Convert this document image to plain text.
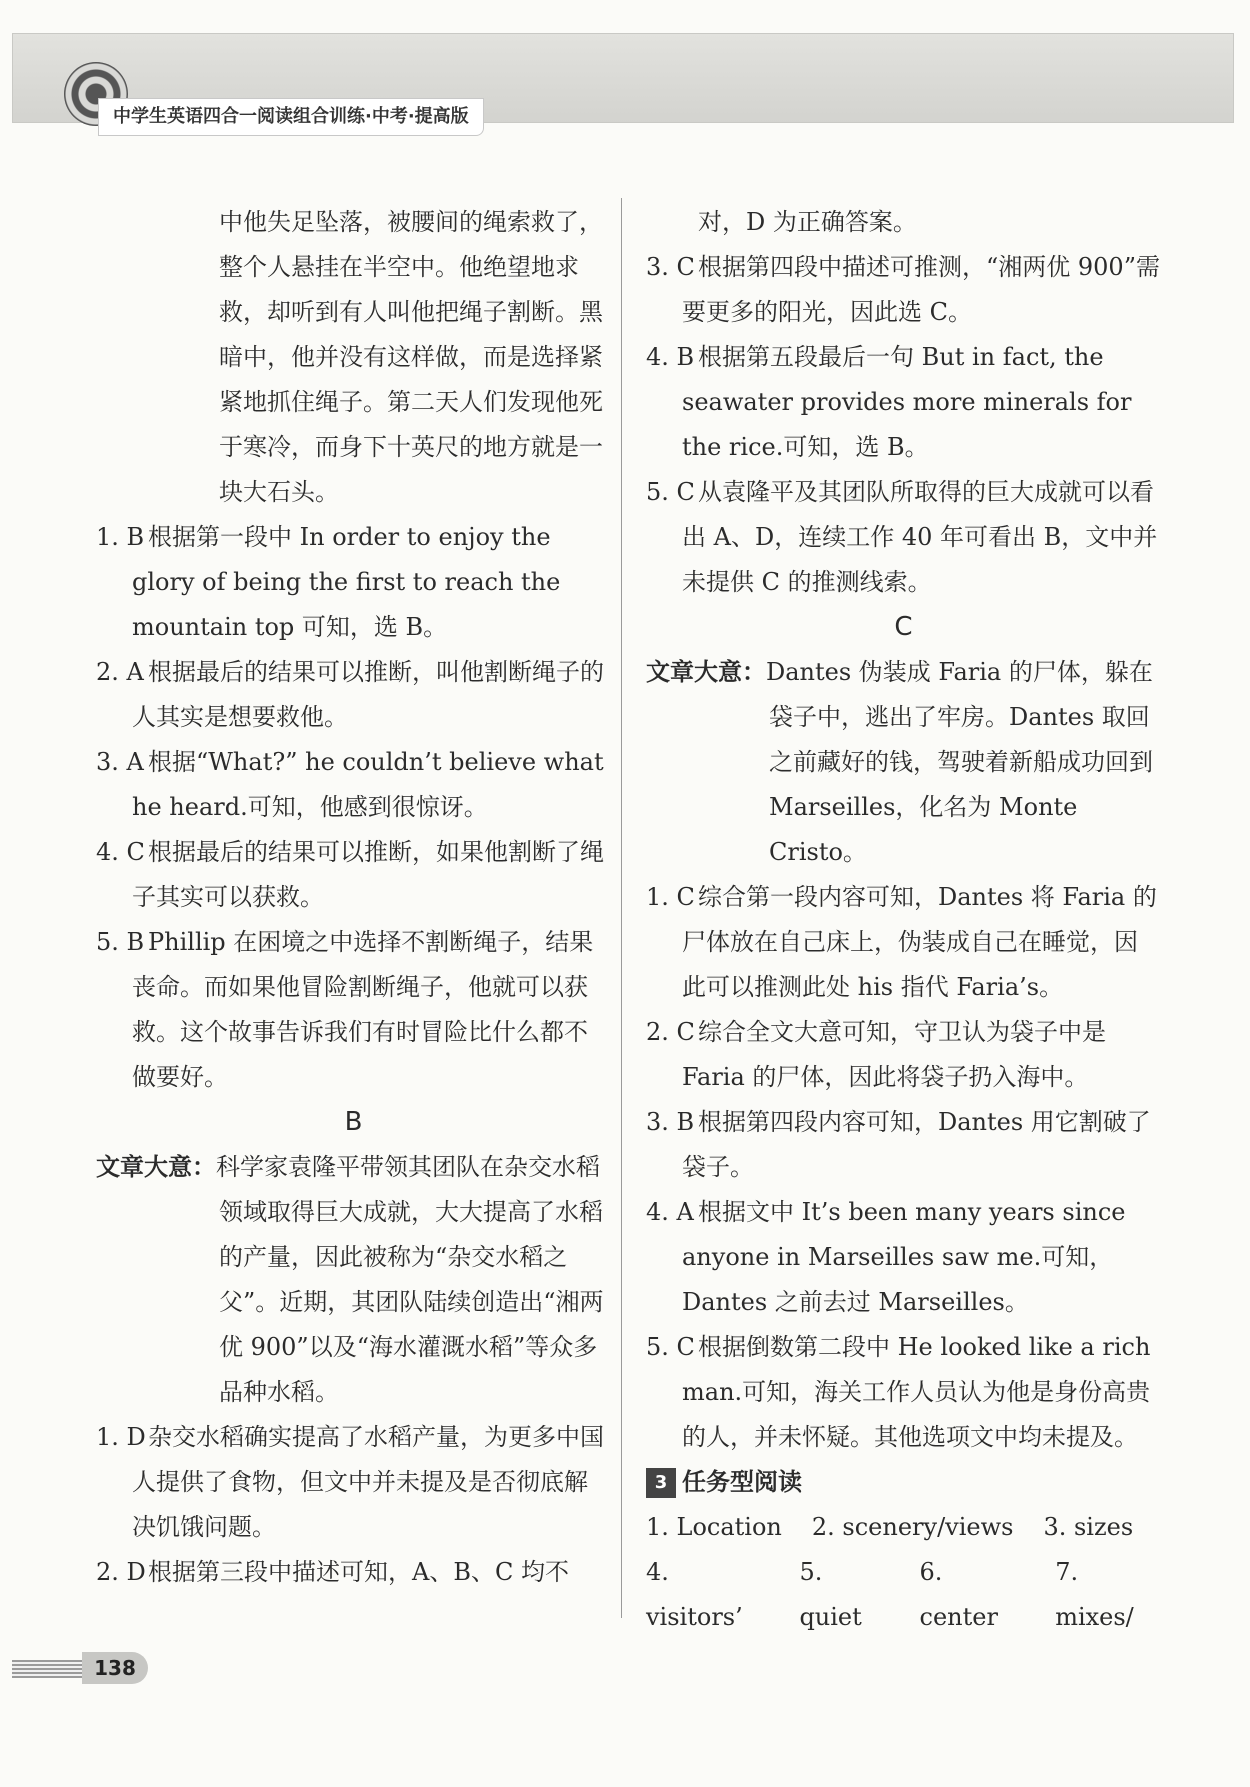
中学生英语四合一阅读组合训练·中考·提高版

中他失足坠落，被腰间的绳索救了，整个人悬挂在半空中。他绝望地求救，却听到有人叫他把绳子割断。黑暗中，他并没有这样做，而是选择紧紧地抓住绳子。第二天人们发现他死于寒冷，而身下十英尺的地方就是一块大石头。

1. B 根据第一段中 In order to enjoy the glory of being the first to reach the mountain top 可知，选 B。

2. A 根据最后的结果可以推断，叫他割断绳子的人其实是想要救他。

3. A 根据“What?” he couldn’t believe what he heard.可知，他感到很惊讶。

4. C 根据最后的结果可以推断，如果他割断了绳子其实可以获救。

5. B Phillip 在困境之中选择不割断绳子，结果丧命。而如果他冒险割断绳子，他就可以获救。这个故事告诉我们有时冒险比什么都不做要好。

B

文章大意：科学家袁隆平带领其团队在杂交水稻领域取得巨大成就，大大提高了水稻的产量，因此被称为“杂交水稻之父”。近期，其团队陆续创造出“湘两优 900”以及“海水灌溉水稻”等众多品种水稻。

1. D杂交水稻确实提高了水稻产量，为更多中国人提供了食物，但文中并未提及是否彻底解决饥饿问题。

2. D根据第三段中描述可知，A、B、C 均不

对，D 为正确答案。

3. C 根据第四段中描述可推测，“湘两优 900”需要更多的阳光，因此选 C。

4. B 根据第五段最后一句 But in fact, the seawater provides more minerals for the rice.可知，选 B。

5. C 从袁隆平及其团队所取得的巨大成就可以看出 A、D，连续工作 40 年可看出 B，文中并未提供 C 的推测线索。

C

文章大意：Dantes 伪装成 Faria 的尸体，躲在袋子中，逃出了牢房。Dantes 取回之前藏好的钱，驾驶着新船成功回到 Marseilles，化名为 Monte Cristo。

1. C 综合第一段内容可知，Dantes 将 Faria 的尸体放在自己床上，伪装成自己在睡觉，因此可以推测此处 his 指代 Faria’s。

2. C 综合全文大意可知，守卫认为袋子中是 Faria 的尸体，因此将袋子扔入海中。

3. B 根据第四段内容可知，Dantes 用它割破了袋子。

4. A 根据文中 It’s been many years since anyone in Marseilles saw me.可知，Dantes 之前去过 Marseilles。

5. C 根据倒数第二段中 He looked like a rich man.可知，海关工作人员认为他是身份高贵的人，并未怀疑。其他选项文中均未提及。

3 任务型阅读
1. Location 2. scenery/views 3. sizes
4. visitors’
5. quiet
6. center
7. mixes/
138
